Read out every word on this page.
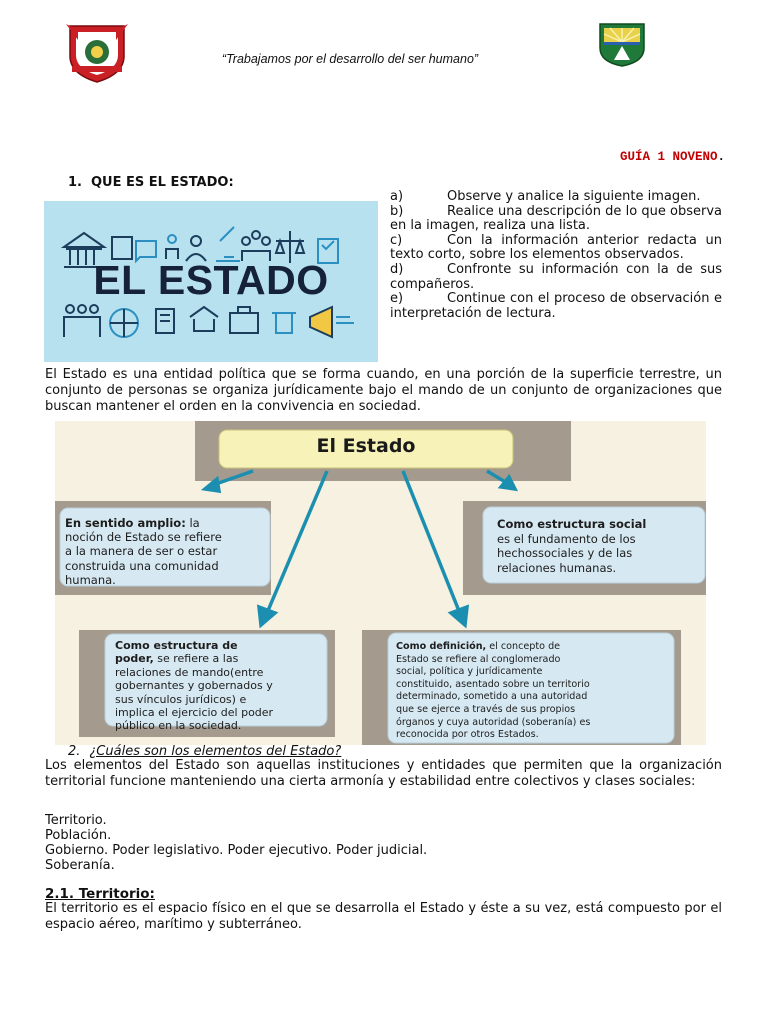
“Trabajamos por el desarrollo del ser humano”
GUÍA 1 NOVENO.
1. QUE ES EL ESTADO:
EL ESTADO
a)	Observe y analice la siguiente imagen.
b)	Realice una descripción de lo que observa en la imagen, realiza una lista.
c)	Con la información anterior redacta un texto corto, sobre los elementos observados.
d)	Confronte su información con la de sus compañeros.
e)	Continue con el proceso de observación e interpretación de lectura.
El Estado es una entidad política que se forma cuando, en una porción de la superficie terrestre, un conjunto de personas se organiza jurídicamente bajo el mando de un conjunto de organizaciones que buscan mantener el orden en la convivencia en sociedad.
El Estado
En sentido amplio: la
noción de Estado se refiere
a la manera de ser o estar
construida una comunidad
humana.
Como estructura social
es el fundamento de los
hechossociales y de las
relaciones humanas.
Como estructura de
poder, se refiere a las
relaciones de mando(entre
gobernantes y gobernados y
sus vínculos jurídicos) e
implica el ejercicio del poder
público en la sociedad.
Como definición, el concepto de
Estado se refiere al conglomerado
social, política y jurídicamente
constituido, asentado sobre un territorio
determinado, sometido a una autoridad
que se ejerce a través de sus propios
órganos y cuya autoridad (soberanía) es
reconocida por otros Estados.
2. ¿Cuáles son los elementos del Estado?
Los elementos del Estado son aquellas instituciones y entidades que permiten que la organización territorial funcione manteniendo una cierta armonía y estabilidad entre colectivos y clases sociales:
Territorio.
Población.
Gobierno. Poder legislativo. Poder ejecutivo. Poder judicial.
Soberanía.
2.1. Territorio:
El territorio es el espacio físico en el que se desarrolla el Estado y éste a su vez, está compuesto por el espacio aéreo, marítimo y subterráneo.
